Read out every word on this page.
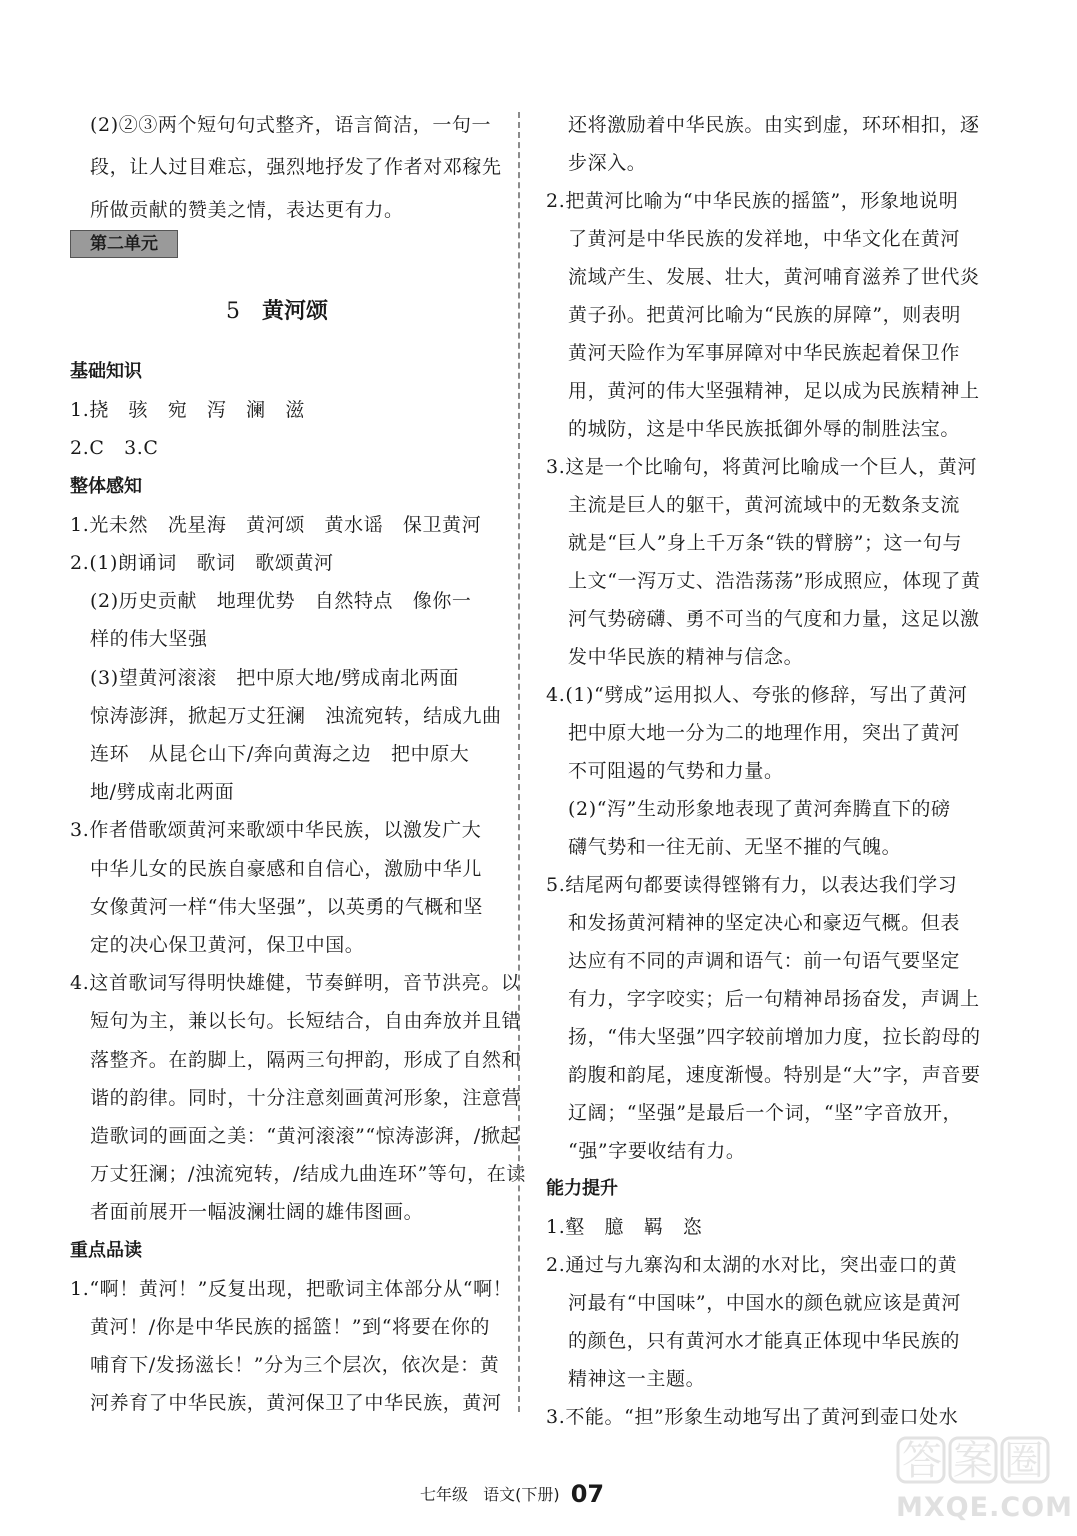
(2)②③两个短句句式整齐，语言简洁，一句一
段，让人过目难忘，强烈地抒发了作者对邓稼先
所做贡献的赞美之情，表达更有力。
基础知识
1.挠　骇　宛　泻　澜　滋
2.C　3.C
整体感知
1.光未然　冼星海　黄河颂　黄水谣　保卫黄河
2.(1)朗诵词　歌词　歌颂黄河
(2)历史贡献　地理优势　自然特点　像你一
样的伟大坚强
(3)望黄河滚滚　把中原大地/劈成南北两面
惊涛澎湃，掀起万丈狂澜　浊流宛转，结成九曲
连环　从昆仑山下/奔向黄海之边　把中原大
地/劈成南北两面
3.作者借歌颂黄河来歌颂中华民族，以激发广大
中华儿女的民族自豪感和自信心，激励中华儿
女像黄河一样“伟大坚强”，以英勇的气概和坚
定的决心保卫黄河，保卫中国。
4.这首歌词写得明快雄健，节奏鲜明，音节洪亮。以
短句为主，兼以长句。长短结合，自由奔放并且错
落整齐。在韵脚上，隔两三句押韵，形成了自然和
谐的韵律。同时，十分注意刻画黄河形象，注意营
造歌词的画面之美：“黄河滚滚”“惊涛澎湃，/掀起
万丈狂澜；/浊流宛转，/结成九曲连环”等句，在读
者面前展开一幅波澜壮阔的雄伟图画。
重点品读
1.“啊！黄河！”反复出现，把歌词主体部分从“啊！
黄河！/你是中华民族的摇篮！”到“将要在你的
哺育下/发扬滋长！”分为三个层次，依次是：黄
河养育了中华民族，黄河保卫了中华民族，黄河
还将激励着中华民族。由实到虚，环环相扣，逐
步深入。
2.把黄河比喻为“中华民族的摇篮”，形象地说明
了黄河是中华民族的发祥地，中华文化在黄河
流域产生、发展、壮大，黄河哺育滋养了世代炎
黄子孙。把黄河比喻为“民族的屏障”，则表明
黄河天险作为军事屏障对中华民族起着保卫作
用，黄河的伟大坚强精神，足以成为民族精神上
的城防，这是中华民族抵御外辱的制胜法宝。
3.这是一个比喻句，将黄河比喻成一个巨人，黄河
主流是巨人的躯干，黄河流域中的无数条支流
就是“巨人”身上千万条“铁的臂膀”；这一句与
上文“一泻万丈、浩浩荡荡”形成照应，体现了黄
河气势磅礴、勇不可当的气度和力量，这足以激
发中华民族的精神与信念。
4.(1)“劈成”运用拟人、夸张的修辞，写出了黄河
把中原大地一分为二的地理作用，突出了黄河
不可阻遏的气势和力量。
(2)“泻”生动形象地表现了黄河奔腾直下的磅
礴气势和一往无前、无坚不摧的气魄。
5.结尾两句都要读得铿锵有力，以表达我们学习
和发扬黄河精神的坚定决心和豪迈气概。但表
达应有不同的声调和语气：前一句语气要坚定
有力，字字咬实；后一句精神昂扬奋发，声调上
扬，“伟大坚强”四字较前增加力度，拉长韵母的
韵腹和韵尾，速度渐慢。特别是“大”字，声音要
辽阔；“坚强”是最后一个词，“坚”字音放开，
“强”字要收结有力。
能力提升
1.壑　臆　羁　恣
2.通过与九寨沟和太湖的水对比，突出壶口的黄
河最有“中国味”，中国水的颜色就应该是黄河
的颜色，只有黄河水才能真正体现中华民族的
精神这一主题。
3.不能。“担”形象生动地写出了黄河到壶口处水
第二单元
5 黄河颂
七年级 语文(下册) 07
答案圈
MXQE.COM
